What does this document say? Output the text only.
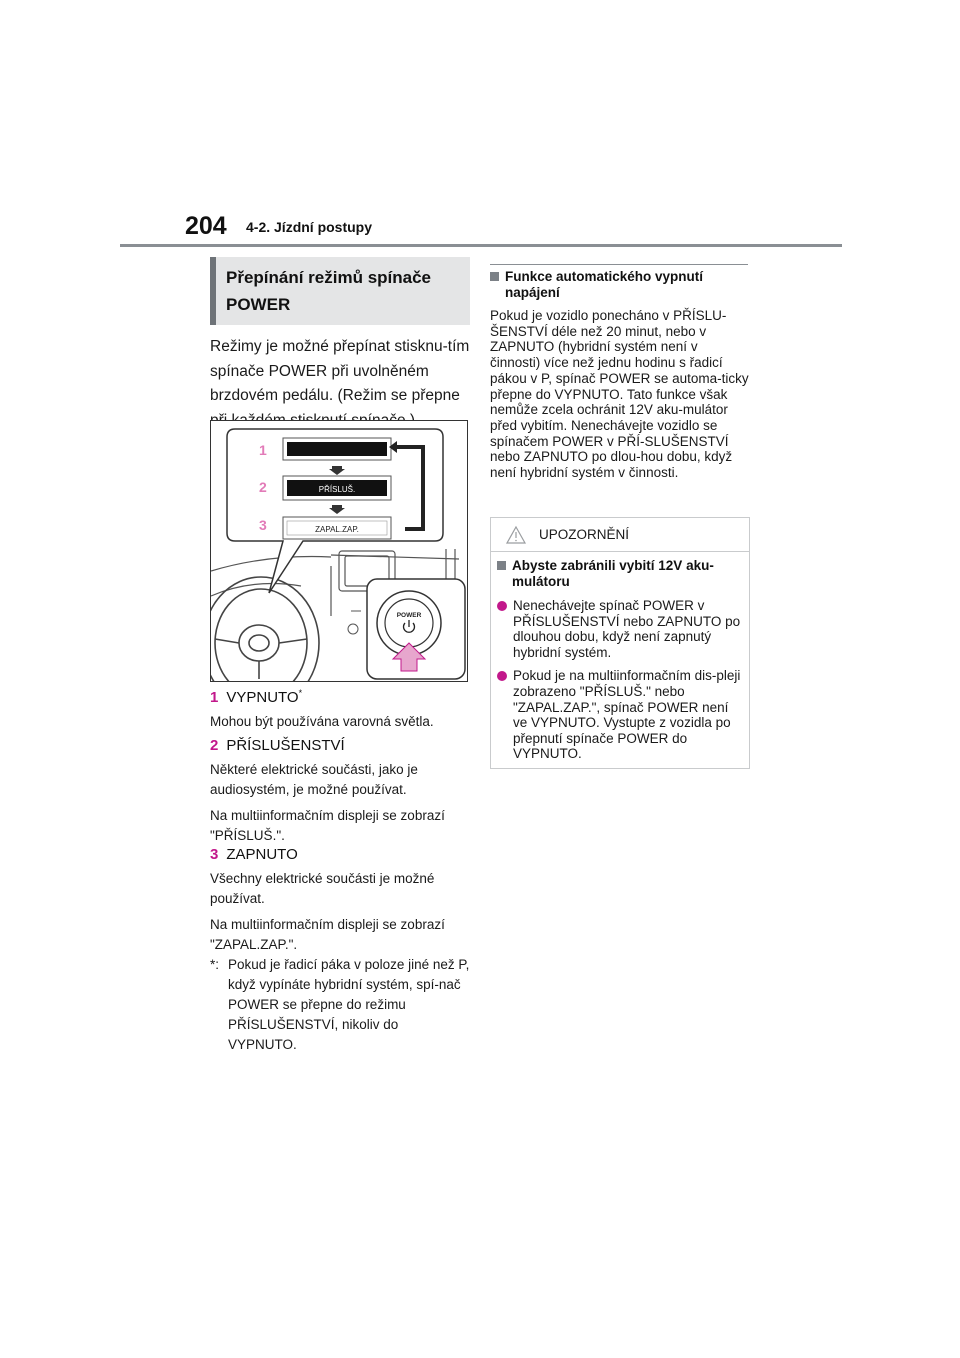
204 4-2. Jízdní postupy
Přepínání režimů spínače
POWER

Režimy je možné přepínat stisknu-tím spínače POWER při uvolněném brzdovém pedálu. (Režim se přepne

1
2
3
PŘÍSLUŠ.
ZAPAL.ZAP.
POWER
1 VYPNUTO*

Mohou být používána varovná světla.

2 PŘÍSLUŠENSTVÍ

Některé elektrické součásti, jako je audiosystém, je možné používat.

Na multiinformačním displeji se zobrazí "PŘÍSLUŠ.".

3 ZAPNUTO

Všechny elektrické součásti je možné používat.

Na multiinformačním displeji se zobrazí "ZAPAL.ZAP.".

*: Pokud je řadicí páka v poloze jiné než P, když vypínáte hybridní systém, spí-nač POWER se přepne do režimu PŘÍSLUŠENSTVÍ, nikoliv do VYPNUTO.
Funkce automatického vypnutí napájení

Pokud je vozidlo ponecháno v PŘÍSLU-ŠENSTVÍ déle než 20 minut, nebo v ZAPNUTO (hybridní systém není v činnosti) více než jednu hodinu s řadicí pákou v P, spínač POWER se automa-ticky přepne do VYPNUTO. Tato funkce však nemůže zcela ochránit 12V aku-mulátor před vybitím. Nenechávejte vozidlo se spínačem POWER v PŘÍ-SLUŠENSTVÍ nebo ZAPNUTO po dlou-hou dobu, když není hybridní systém v činnosti.

UPOZORNĚNÍ
Abyste zabránili vybití 12V aku-mulátoru
Nenechávejte spínač POWER v PŘÍSLUŠENSTVÍ nebo ZAPNUTO po dlouhou dobu, když není zapnutý hybridní systém.
Pokud je na multiinformačním dis-pleji zobrazeno "PŘÍSLUŠ." nebo "ZAPAL.ZAP.", spínač POWER není ve VYPNUTO. Vystupte z vozidla po přepnutí spínače POWER do VYPNUTO.
